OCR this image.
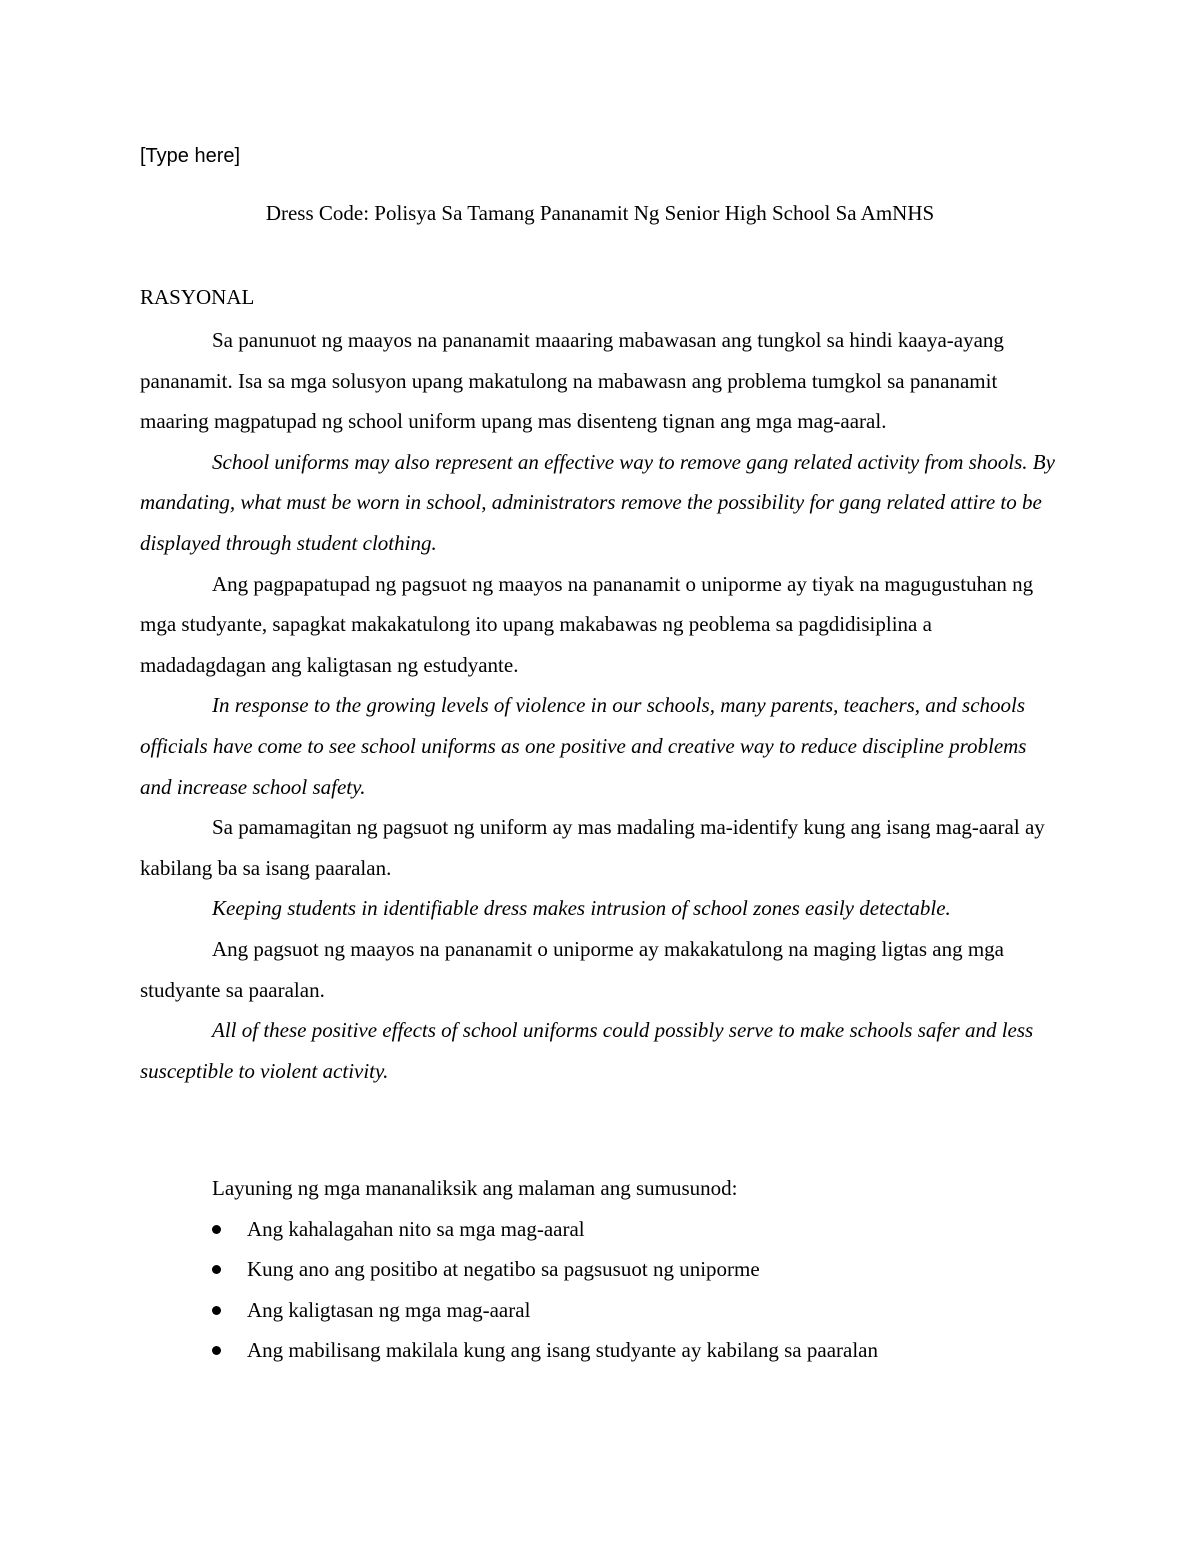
[Type here]
Dress Code: Polisya Sa Tamang Pananamit Ng Senior High School Sa AmNHS
RASYONAL

Sa panunuot ng maayos na pananamit maaaring mabawasan ang tungkol sa hindi kaaya-ayang pananamit. Isa sa mga solusyon upang makatulong na mabawasn ang problema tumgkol sa pananamit maaring magpatupad ng school uniform upang mas disenteng tignan ang mga mag-aaral.

School uniforms may also represent an effective way to remove gang related activity from shools. By mandating, what must be worn in school, administrators remove the possibility for gang related attire to be displayed through student clothing.

Ang pagpapatupad ng pagsuot ng maayos na pananamit o uniporme ay tiyak na magugustuhan ng mga studyante, sapagkat makakatulong ito upang makabawas ng peoblema sa pagdidisiplina a madadagdagan ang kaligtasan ng estudyante.

In response to the growing levels of violence in our schools, many parents, teachers, and schools officials have come to see school uniforms as one positive and creative way to reduce discipline problems and increase school safety.

Sa pamamagitan ng pagsuot ng uniform ay mas madaling ma-identify kung ang isang mag-aaral ay kabilang ba sa isang paaralan.

Keeping students in identifiable dress makes intrusion of school zones easily detectable.

Ang pagsuot ng maayos na pananamit o uniporme ay makakatulong na maging ligtas ang mga studyante sa paaralan.

All of these positive effects of school uniforms could possibly serve to make schools safer and less susceptible to violent activity.

Layuning ng mga mananaliksik ang malaman ang sumusunod:

Ang kahalagahan nito sa mga mag-aaral
Kung ano ang positibo at negatibo sa pagsusuot ng uniporme
Ang kaligtasan ng mga mag-aaral
Ang mabilisang makilala kung ang isang studyante ay kabilang sa paaralan
